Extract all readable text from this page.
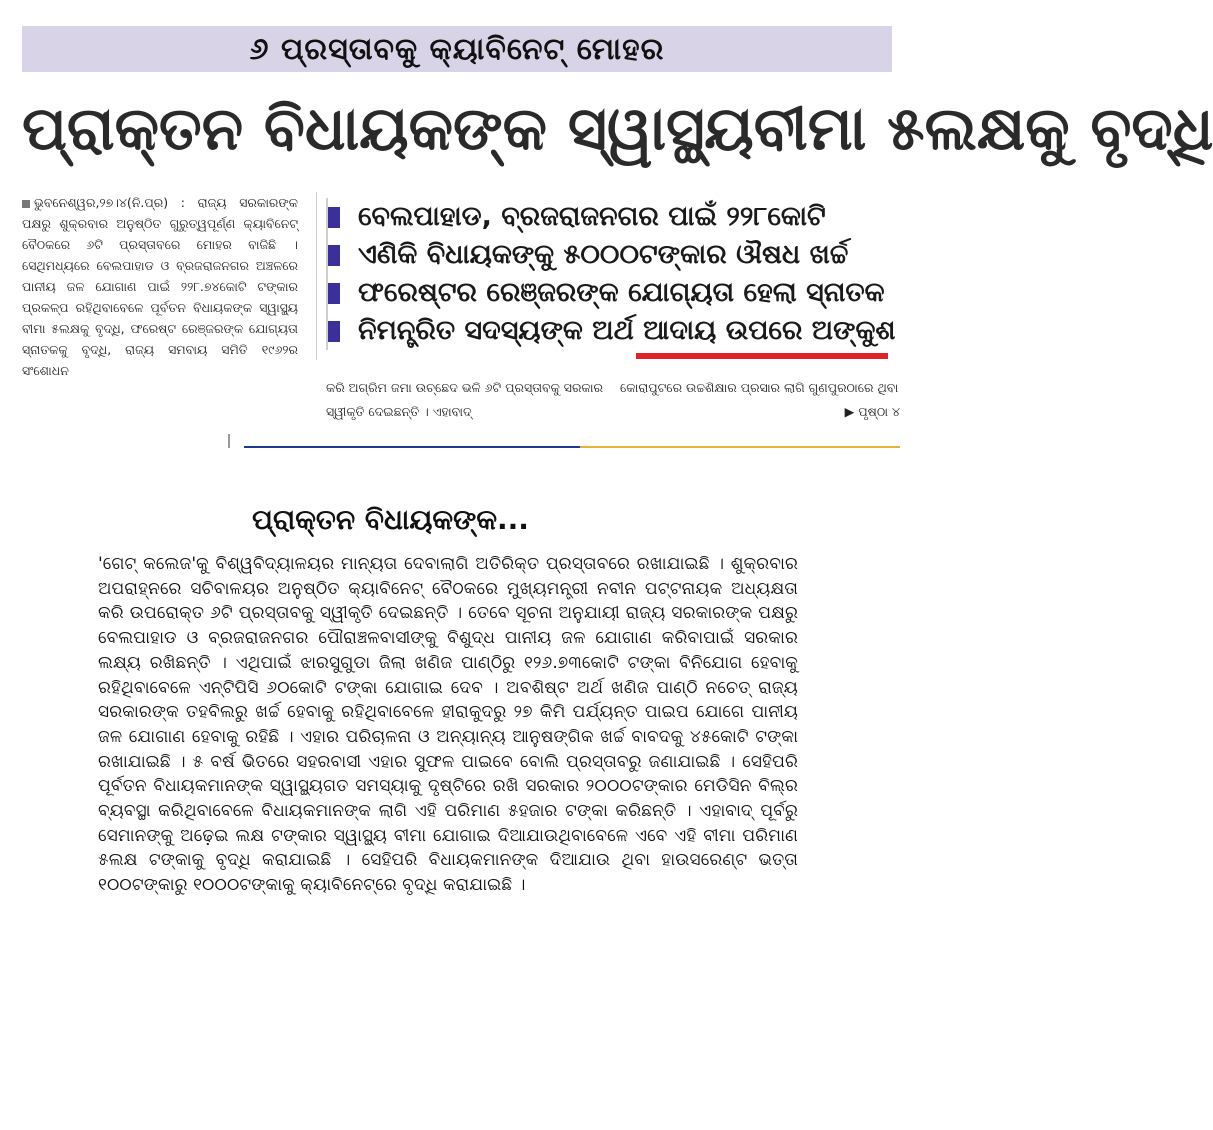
୬ ପ୍ରସ୍ତାବକୁ କ୍ୟାବିନେଟ୍ ମୋହର
ପ୍ରାକ୍ତନ ବିଧାୟକଙ୍କ ସ୍ୱାସ୍ଥ୍ୟବୀମା ୫ଲକ୍ଷକୁ ବୃଦ୍ଧି
ଭୁବନେଶ୍ୱର,୨୭।୪(ନି.ପ୍ର) : ରାଜ୍ୟ ସରକାରଙ୍କ ପକ୍ଷରୁ ଶୁକ୍ରବାର ଅନୁଷ୍ଠିତ ଗୁରୁତ୍ୱପୂର୍ଣ୍ଣ କ୍ୟାବିନେଟ୍ ବୈଠକରେ ୬ଟି ପ୍ରସ୍ତାବରେ ମୋହର ବାଜିଛି । ସେଥିମଧ୍ୟରେ ବେଲପାହାଡ ଓ ବ୍ରଜରାଜନଗର ଅଞ୍ଚଳରେ ପାନୀୟ ଜଳ ଯୋଗାଣ ପାଇଁ ୨୨୮.୭୪କୋଟି ଟଙ୍କାର ପ୍ରକଳ୍ପ ରହିଥିବାବେଳେ ପୂର୍ବତନ ବିଧାୟକଙ୍କ ସ୍ୱାସ୍ଥ୍ୟ ବୀମା ୫ଲକ୍ଷକୁ ବୃଦ୍ଧି, ଫରେଷ୍ଟ ରେଞ୍ଜରଙ୍କ ଯୋଗ୍ୟତା ସ୍ନାତକକୁ ବୃଦ୍ଧି, ରାଜ୍ୟ ସମବାୟ ସମିତି ୧୯୬୨ର ସଂଶୋଧନ
ବେଲପାହାଡ, ବ୍ରଜରାଜନଗର ପାଇଁ ୨୨୮କୋଟି
ଏଣିକି ବିଧାୟକଙ୍କୁ ୫୦୦୦ଟଙ୍କାର ଔଷଧ ଖର୍ଚ୍ଚ
ଫରେଷ୍ଟର ରେଞ୍ଜରଙ୍କ ଯୋଗ୍ୟତା ହେଲା ସ୍ନାତକ
ନିମନ୍ତ୍ରିତ ସଦସ୍ୟଙ୍କ ଅର୍ଥ ଆଦାୟ ଉପରେ ଅଙ୍କୁଶ
କରି ଅଗ୍ରିମ ଜମା ଉଚ୍ଛେଦ ଭଳି ୬ଟି ପ୍ରସ୍ତାବକୁ ସରକାର ସ୍ୱୀକୃତି ଦେଇଛନ୍ତି । ଏହାବାଦ୍
କୋରାପୁଟରେ ଉଚ୍ଚଶିକ୍ଷାର ପ୍ରସାର ଲାଗି ଗୁଣପୁରଠାରେ ଥିବା
▶ ପୃଷ୍ଠା ୪
ପ୍ରାକ୍ତନ ବିଧାୟକଙ୍କ...
'ଗେଟ୍ କଲେଜ'କୁ ବିଶ୍ୱବିଦ୍ୟାଳୟର ମାନ୍ୟତା ଦେବାଲାଗି ଅତିରିକ୍ତ ପ୍ରସ୍ତାବରେ ରଖାଯାଇଛି । ଶୁକ୍ରବାର ଅପରାହ୍ନରେ ସଚିବାଳୟର ଅନୁଷ୍ଠିତ କ୍ୟାବିନେଟ୍ ବୈଠକରେ ମୁଖ୍ୟମନ୍ତ୍ରୀ ନବୀନ ପଟ୍ଟନାୟକ ଅଧ୍ୟକ୍ଷତା କରି ଉପରୋକ୍ତ ୬ଟି ପ୍ରସ୍ତାବକୁ ସ୍ୱୀକୃତି ଦେଇଛନ୍ତି । ତେବେ ସୂଚନା ଅନୁଯାୟୀ ରାଜ୍ୟ ସରକାରଙ୍କ ପକ୍ଷରୁ ବେଲପାହାଡ ଓ ବ୍ରଜରାଜନଗର ପୌରାଞ୍ଚଳବାସୀଙ୍କୁ ବିଶୁଦ୍ଧ ପାନୀୟ ଜଳ ଯୋଗାଣ କରିବାପାଇଁ ସରକାର ଲକ୍ଷ୍ୟ ରଖିଛନ୍ତି । ଏଥିପାଇଁ ଝାରସୁଗୁଡା ଜିଲା ଖଣିଜ ପାଣ୍ଠିରୁ ୧୨୬.୭୩କୋଟି ଟଙ୍କା ବିନିଯୋଗ ହେବାକୁ ରହିଥିବାବେଳେ ଏନ୍‌ଟିପିସି ୬୦କୋଟି ଟଙ୍କା ଯୋଗାଇ ଦେବ । ଅବଶିଷ୍ଟ ଅର୍ଥ ଖଣିଜ ପାଣ୍ଠି ନଚେତ୍ ରାଜ୍ୟ ସରକାରଙ୍କ ତହବିଲରୁ ଖର୍ଚ୍ଚ ହେବାକୁ ରହିଥିବାବେଳେ ହୀରାକୁଦରୁ ୨୭ କିମି ପର୍ଯ୍ୟନ୍ତ ପାଇପ ଯୋଗେ ପାନୀୟ ଜଳ ଯୋଗାଣ ହେବାକୁ ରହିଛି । ଏହାର ପରିଚାଳନା ଓ ଅନ୍ୟାନ୍ୟ ଆନୁଷଙ୍ଗିକ ଖର୍ଚ୍ଚ ବାବଦକୁ ୪୫କୋଟି ଟଙ୍କା ରଖାଯାଇଛି । ୫ ବର୍ଷ ଭିତରେ ସହରବାସୀ ଏହାର ସୁଫଳ ପାଇବେ ବୋଲି ପ୍ରସ୍ତାବରୁ ଜଣାଯାଇଛି । ସେହିପରି ପୂର୍ବତନ ବିଧାୟକମାନଙ୍କ ସ୍ୱାସ୍ଥ୍ୟଗତ ସମସ୍ୟାକୁ ଦୃଷ୍ଟିରେ ରଖି ସରକାର ୨୦୦୦ଟଙ୍କାର ମେଡିସିନ ବିଲ୍‌ର ବ୍ୟବସ୍ଥା କରିଥିବାବେଳେ ବିଧାୟକମାନଙ୍କ ଲାଗି ଏହି ପରିମାଣ ୫ହଜାର ଟଙ୍କା କରିଛନ୍ତି । ଏହାବାଦ୍ ପୂର୍ବରୁ ସେମାନଙ୍କୁ ଅଢ଼େଇ ଲକ୍ଷ ଟଙ୍କାର ସ୍ୱାସ୍ଥ୍ୟ ବୀମା ଯୋଗାଇ ଦିଆଯାଉଥିବାବେଳେ ଏବେ ଏହି ବୀମା ପରିମାଣ ୫ଲକ୍ଷ ଟଙ୍କାକୁ ବୃଦ୍ଧି କରାଯାଇଛି । ସେହିପରି ବିଧାୟକମାନଙ୍କ ଦିଆଯାଉ ଥିବା ହାଉସରେଣ୍ଟ ଭତ୍ତା ୧୦୦ଟଙ୍କାରୁ ୧୦୦୦ଟଙ୍କାକୁ କ୍ୟାବିନେଟ୍‌ରେ ବୃଦ୍ଧି କରାଯାଇଛି ।
